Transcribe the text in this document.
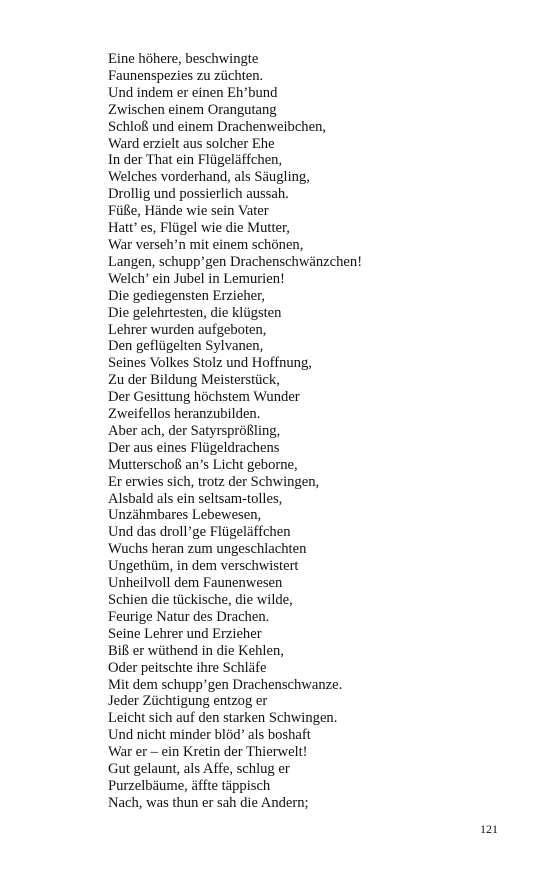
Eine höhere, beschwingte
Faunenspezies zu züchten.
Und indem er einen Eh’bund
Zwischen einem Orangutang
Schloß und einem Drachenweibchen,
Ward erzielt aus solcher Ehe
In der That ein Flügeläffchen,
Welches vorderhand, als Säugling,
Drollig und possierlich aussah.
Füße, Hände wie sein Vater
Hatt’ es, Flügel wie die Mutter,
War verseh’n mit einem schönen,
Langen, schupp’gen Drachenschwänzchen!
Welch’ ein Jubel in Lemurien!
Die gediegensten Erzieher,
Die gelehrtesten, die klügsten
Lehrer wurden aufgeboten,
Den geflügelten Sylvanen,
Seines Volkes Stolz und Hoffnung,
Zu der Bildung Meisterstück,
Der Gesittung höchstem Wunder
Zweifellos heranzubilden.
Aber ach, der Satyrsprößling,
Der aus eines Flügeldrachens
Mutterschoß an’s Licht geborne,
Er erwies sich, trotz der Schwingen,
Alsbald als ein seltsam-tolles,
Unzähmbares Lebewesen,
Und das droll’ge Flügeläffchen
Wuchs heran zum ungeschlachten
Ungethüm, in dem verschwistert
Unheilvoll dem Faunenwesen
Schien die tückische, die wilde,
Feurige Natur des Drachen.
Seine Lehrer und Erzieher
Biß er wüthend in die Kehlen,
Oder peitschte ihre Schläfe
Mit dem schupp’gen Drachenschwanze.
Jeder Züchtigung entzog er
Leicht sich auf den starken Schwingen.
Und nicht minder blöd’ als boshaft
War er – ein Kretin der Thierwelt!
Gut gelaunt, als Affe, schlug er
Purzelbäume, äffte täppisch
Nach, was thun er sah die Andern;
121
